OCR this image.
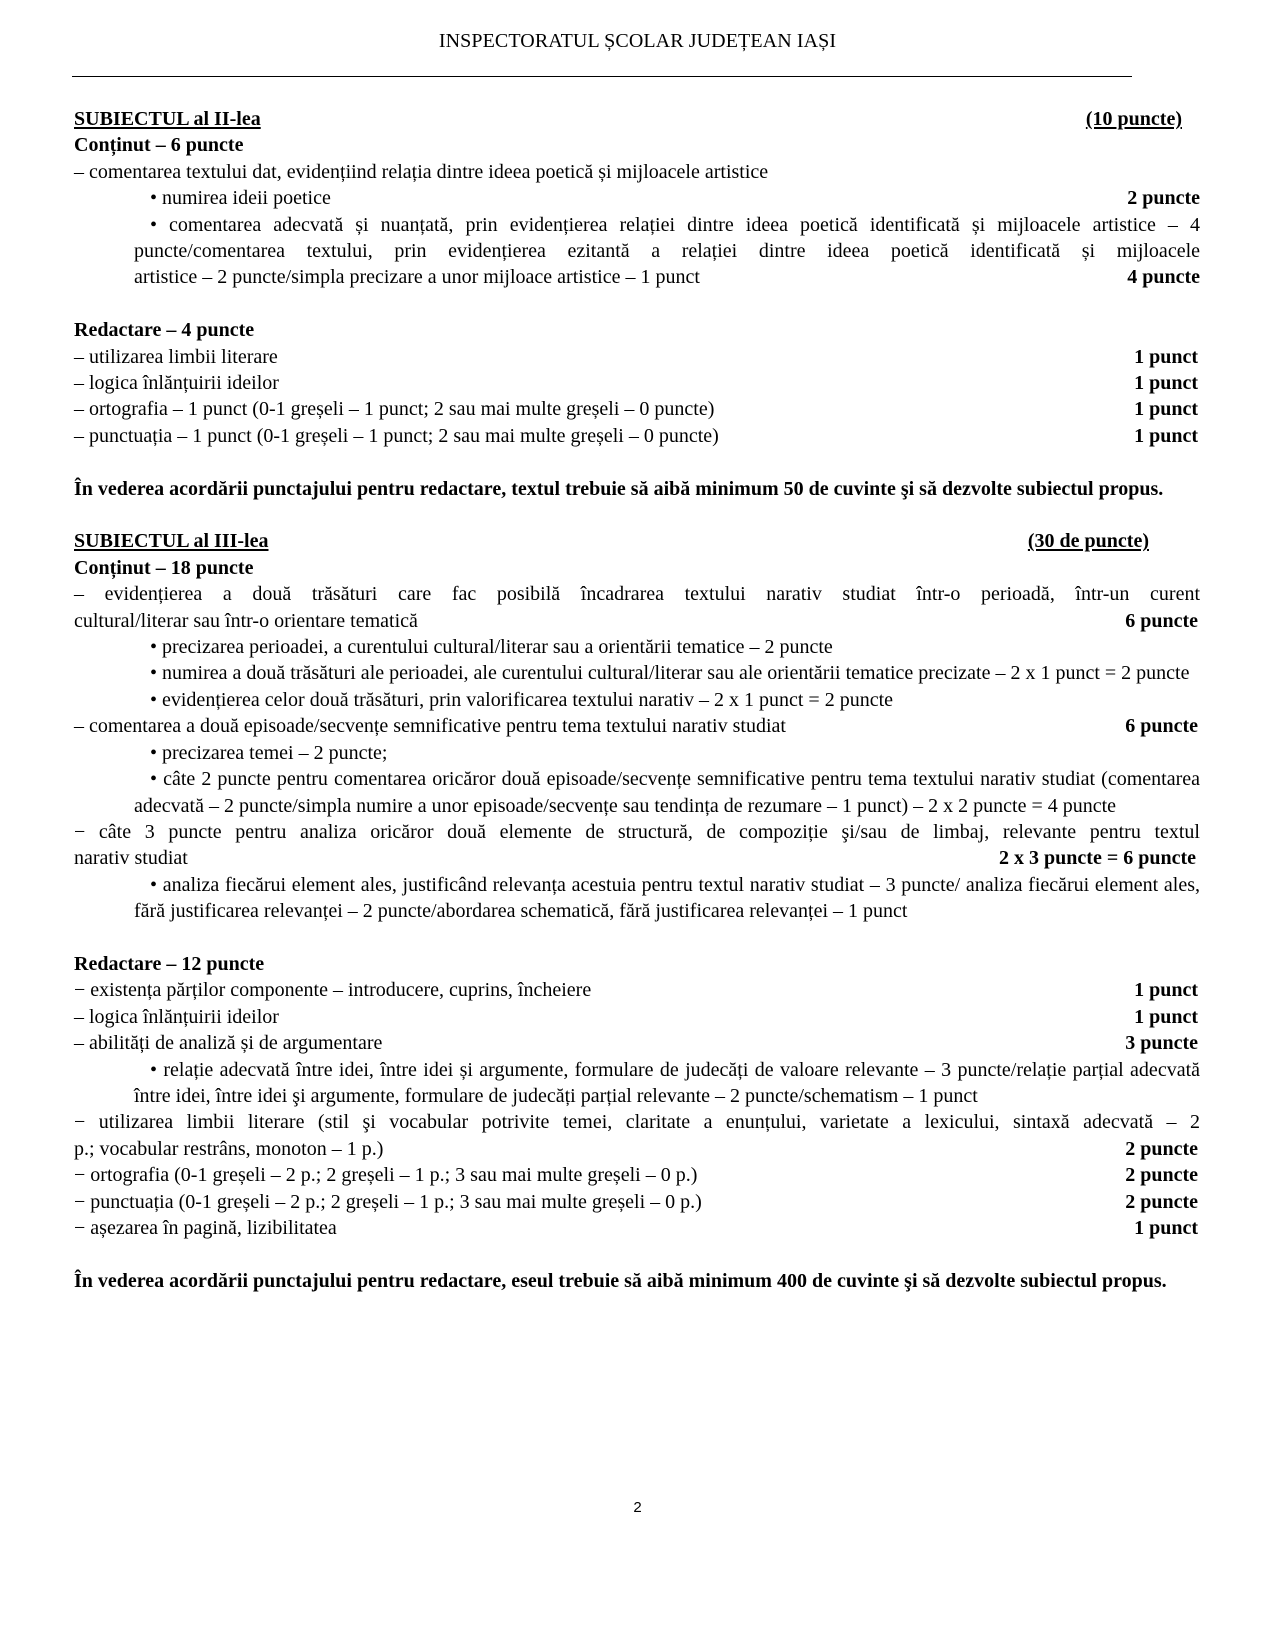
INSPECTORATUL ȘCOLAR JUDEȚEAN IAȘI
SUBIECTUL al II-lea	(10 puncte)
Conținut – 6 puncte
– comentarea textului dat, evidențiind relația dintre ideea poetică și mijloacele artistice
• numirea ideii poetice	2 puncte
• comentarea adecvată și nuanțată, prin evidențierea relației dintre ideea poetică identificată și mijloacele artistice – 4 puncte/comentarea textului, prin evidențierea ezitantă a relației dintre ideea poetică identificată și mijloacele
artistice – 2 puncte/simpla precizare a unor mijloace artistice – 1 punct	4 puncte
Redactare – 4 puncte
– utilizarea limbii literare	1 punct
– logica înlănțuirii ideilor	1 punct
– ortografia – 1 punct (0-1 greșeli – 1 punct; 2 sau mai multe greșeli – 0 puncte)	1 punct
– punctuația – 1 punct (0-1 greșeli – 1 punct; 2 sau mai multe greșeli – 0 puncte)	1 punct
În vederea acordării punctajului pentru redactare, textul trebuie să aibă minimum 50 de cuvinte şi să dezvolte subiectul propus.
SUBIECTUL al III-lea	(30 de puncte)
Conținut – 18 puncte
– evidențierea a două trăsături care fac posibilă încadrarea textului narativ studiat într-o perioadă, într-un curent
cultural/literar sau într-o orientare tematică	6 puncte
• precizarea perioadei, a curentului cultural/literar sau a orientării tematice – 2 puncte
• numirea a două trăsături ale perioadei, ale curentului cultural/literar sau ale orientării tematice precizate – 2 x 1 punct = 2 puncte
• evidențierea celor două trăsături, prin valorificarea textului narativ – 2 x 1 punct = 2 puncte
– comentarea a două episoade/secvențe semnificative pentru tema textului narativ studiat	6 puncte
• precizarea temei – 2 puncte;
• câte 2 puncte pentru comentarea oricăror două episoade/secvențe semnificative pentru tema textului narativ studiat (comentarea adecvată – 2 puncte/simpla numire a unor episoade/secvențe sau tendința de rezumare – 1 punct) – 2 x 2 puncte = 4 puncte
− câte 3 puncte pentru analiza oricăror două elemente de structură, de compoziție şi/sau de limbaj, relevante pentru textul
narativ studiat	2 x 3 puncte = 6 puncte
• analiza fiecărui element ales, justificând relevanța acestuia pentru textul narativ studiat – 3 puncte/ analiza fiecărui element ales, fără justificarea relevanței – 2 puncte/abordarea schematică, fără justificarea relevanței – 1 punct
Redactare – 12 puncte
− existența părților componente – introducere, cuprins, încheiere	1 punct
– logica înlănțuirii ideilor	1 punct
– abilități de analiză și de argumentare	3 puncte
• relație adecvată între idei, între idei și argumente, formulare de judecăți de valoare relevante – 3 puncte/relație parțial adecvată între idei, între idei şi argumente, formulare de judecăți parțial relevante – 2 puncte/schematism – 1 punct
− utilizarea limbii literare (stil şi vocabular potrivite temei, claritate a enunțului, varietate a lexicului, sintaxă adecvată – 2
p.; vocabular restrâns, monoton – 1 p.)	2 puncte
− ortografia (0-1 greșeli – 2 p.; 2 greșeli – 1 p.; 3 sau mai multe greșeli – 0 p.)	2 puncte
− punctuația (0-1 greșeli – 2 p.; 2 greșeli – 1 p.; 3 sau mai multe greșeli – 0 p.)	2 puncte
− așezarea în pagină, lizibilitatea	1 punct
În vederea acordării punctajului pentru redactare, eseul trebuie să aibă minimum 400 de cuvinte şi să dezvolte subiectul propus.
2
